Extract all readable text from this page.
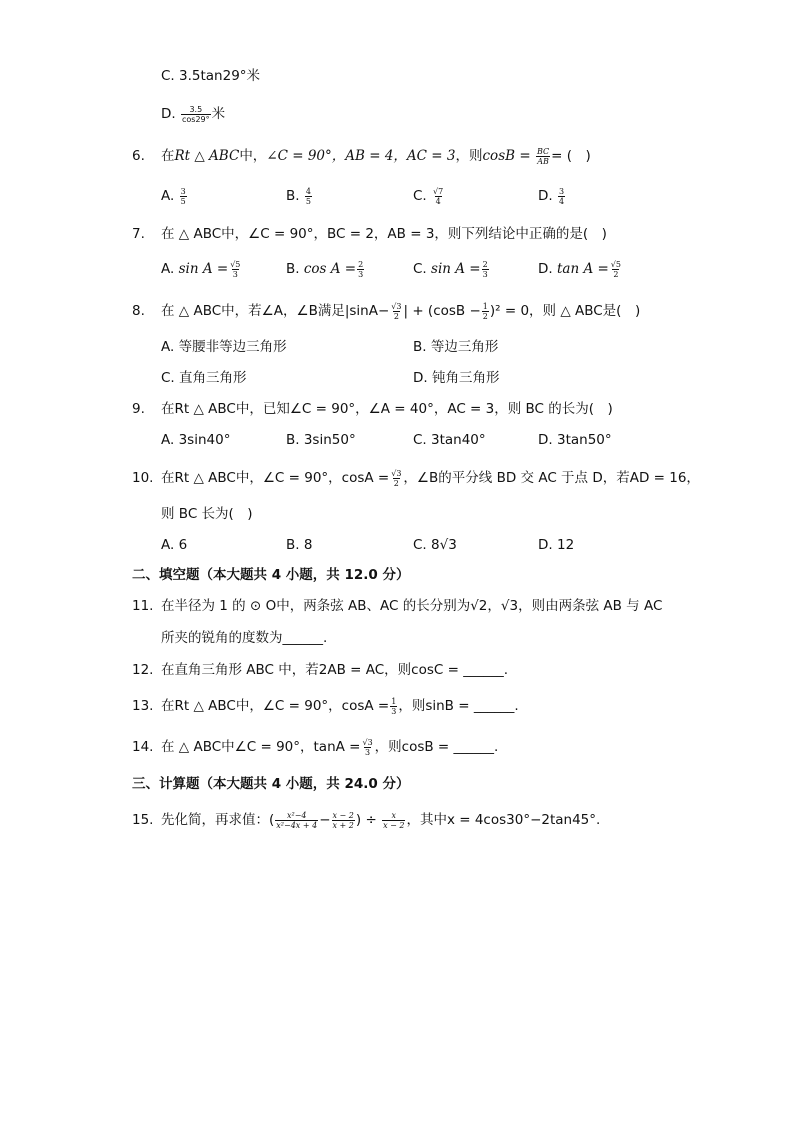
C. 3.5tan29°米
D. $\frac{3.5}{\cos 29^\circ}$ 米
6. 在Rt △ ABC中，∠C = 90°，AB = 4，AC = 3，则$\cos B = \frac{BC}{AB}$ = (　)
A. $\frac{3}{5}$	B. $\frac{4}{5}$	C. $\frac{√7}{4}$	D. $\frac{3}{4}$
7. 在 △ ABC中，∠C = 90°，BC = 2，AB = 3，则下列结论中正确的是(　)
A. $\sin A = \frac{√5}{3}$	B. $\cos A = \frac{2}{3}$	C. $\sin A = \frac{2}{3}$	D. $\tan A = \frac{√5}{2}$
8. 在 △ ABC中，若∠A，∠B满足$|\sin A- \frac{√3}{2}$ | + $(\cos B - \frac{1}{2} )^2 = 0$，则 △ ABC是(　)
A. 等腰非等边三角形	B. 等边三角形
C. 直角三角形	D. 钝角三角形
9. 在Rt △ ABC中，已知∠C = 90°，∠A = 40°，AC = 3，则 BC 的长为(　)
A. 3sin40°	B. 3sin50°	C. 3tan40°	D. 3tan50°
10. 在Rt △ ABC中，∠C = 90°，$\cos A = \frac{√3}{2}$ ，∠B的平分线 BD 交 AC 于点 D，若AD = 16，
则 BC 长为(　)
A. 6	B. 8	C. 8√3	D. 12
二、填空题（本大题共 4 小题，共 12.0 分）
11. 在半径为 1 的 ⊙ O中，两条弦 AB、AC 的长分别为√2，√3，则由两条弦 AB 与 AC
所夹的锐角的度数为______.
12. 在直角三角形 ABC 中，若2AB = AC，则cosC = ______.
13. 在Rt △ ABC中，∠C = 90°，$\cos A = \frac{1}{3}$ ，则sinB = ______.
14. 在 △ ABC中∠C = 90°，$\tan A = \frac{√3}{3}$ ，则cosB = ______.
三、计算题（本大题共 4 小题，共 24.0 分）
15. 先化简，再求值：( $\frac{\text{x²−4}}{\text{x²−4x + 4}} - \frac{x - 2}{x + 2}$ ) ÷ $\frac{x}{x - 2}$ ，其中x = 4cos30°−2tan45°.
